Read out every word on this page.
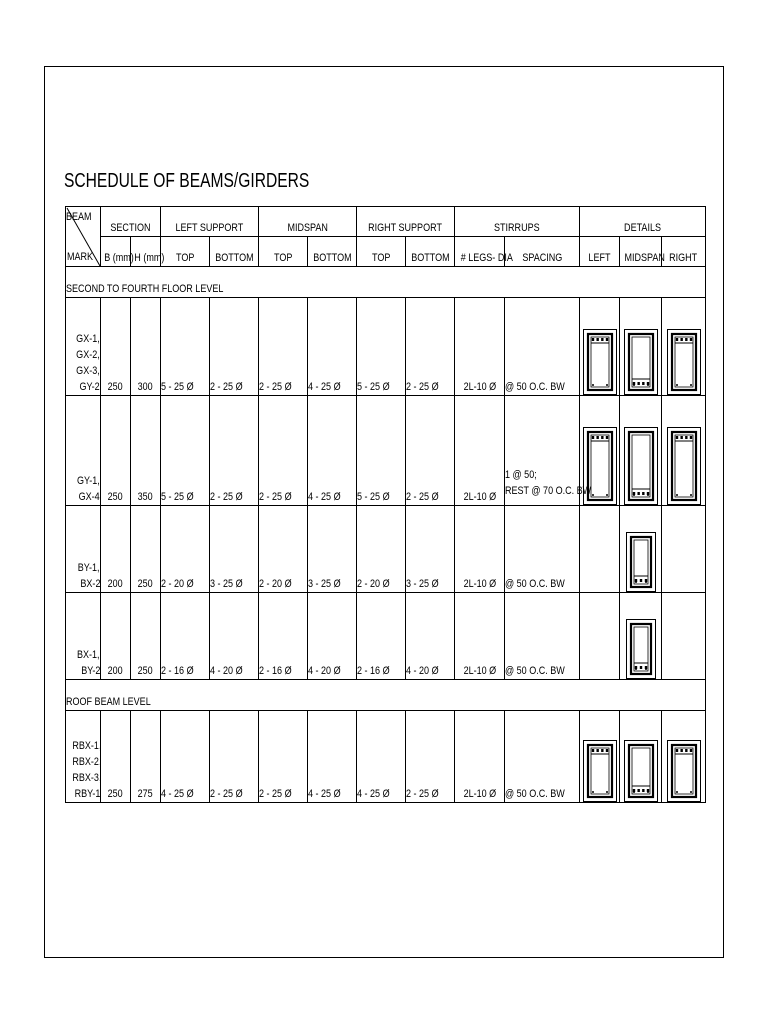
SCHEDULE OF BEAMS/GIRDERS
BEAM
MARK	SECTION		LEFT SUPPORT		MIDSPAN		RIGHT SUPPORT		STIRRUPS		DETAILS		
	B (mm)	H (mm)	TOP	BOTTOM	TOP	BOTTOM	TOP	BOTTOM	# LEGS- DIA	SPACING	LEFT	MIDSPAN	RIGHT
SECOND TO FOURTH FLOOR LEVEL													
GX-1,
GX-2,
GX-3,
GY-2	250	300	5 - 25 Ø	2 - 25 Ø	2 - 25 Ø	4 - 25 Ø	5 - 25 Ø	2 - 25 Ø	2L-10 Ø	@ 50 O.C. BW	

GY-1,
GX-4	250	350	5 - 25 Ø	2 - 25 Ø	2 - 25 Ø	4 - 25 Ø	5 - 25 Ø	2 - 25 Ø	2L-10 Ø	1 @ 50;
REST @ 70 O.C. BW	

BY-1,
BX-2	200	250	2 - 20 Ø	3 - 25 Ø	2 - 20 Ø	3 - 25 Ø	2 - 20 Ø	3 - 25 Ø	2L-10 Ø	@ 50 O.C. BW		

BX-1,
BY-2	200	250	2 - 16 Ø	4 - 20 Ø	2 - 16 Ø	4 - 20 Ø	2 - 16 Ø	4 - 20 Ø	2L-10 Ø	@ 50 O.C. BW		

ROOF BEAM LEVEL													
RBX-1,
RBX-2,
RBX-3,
RBY-1	250	275	4 - 25 Ø	2 - 25 Ø	2 - 25 Ø	4 - 25 Ø	4 - 25 Ø	2 - 25 Ø	2L-10 Ø	@ 50 O.C. BW	
